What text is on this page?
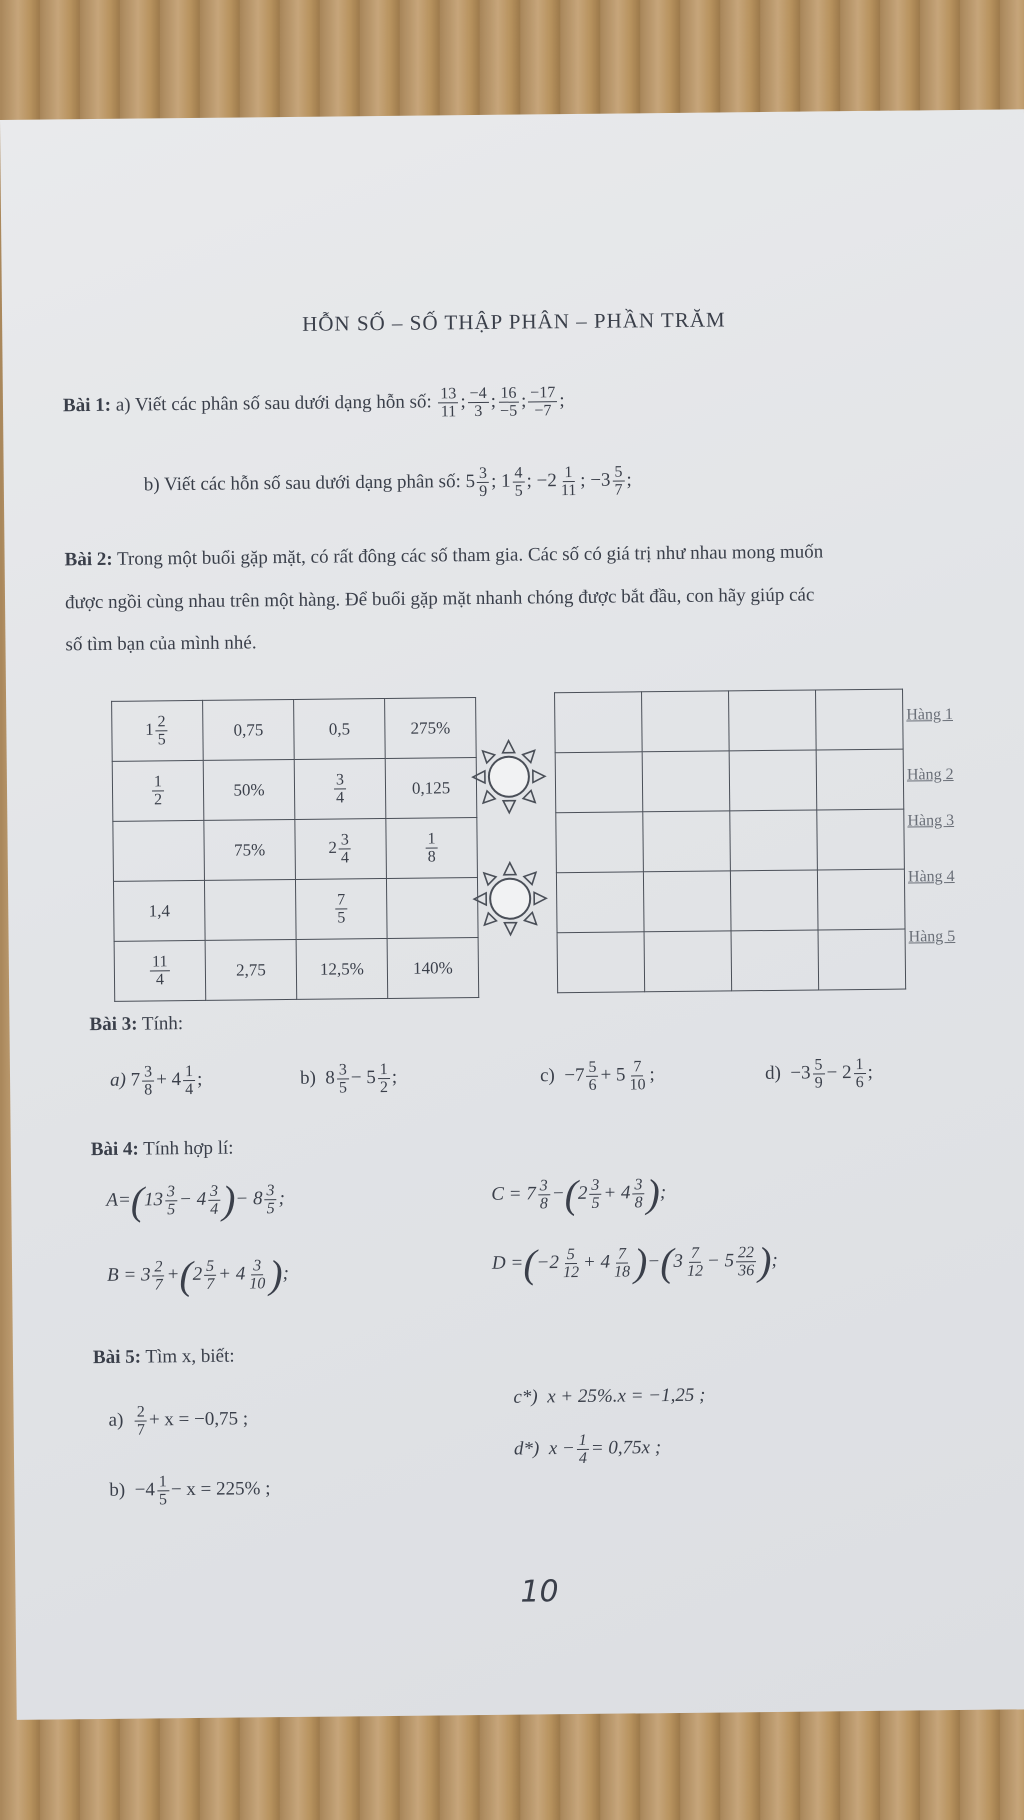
HỖN SỐ – SỐ THẬP PHÂN – PHẦN TRĂM
Bài 1: a) Viết các phân số sau dưới dạng hỗn số: $\frac{13}{11}$ ; $\frac{-4}{3}$ ; $\frac{16}{-5}$ ; $\frac{-17}{-7}$ ;
b) Viết các hỗn số sau dưới dạng phân số: $5 \frac{3}{9}$ ; $1 \frac{4}{5}$ ; $-2 \frac{1}{11}$ ; $-3 \frac{5}{7}$ ;
Bài 2: Trong một buổi gặp mặt, có rất đông các số tham gia. Các số có giá trị như nhau mong muốn
được ngồi cùng nhau trên một hàng. Để buổi gặp mặt nhanh chóng được bắt đầu, con hãy giúp các
số tìm bạn của mình nhé.
$1 \frac{2}{5}$	0,75	0,5	275%

$\frac{1}{2}$	50%	$\frac{3}{4}$	0,125
	75%	$2 \frac{3}{4}$	$\frac{1}{8}$

1,4		$\frac{7}{5}$

$\frac{11}{4}$	2,75	12,5%	140%

Hàng 1
Hàng 2
Hàng 3
Hàng 4
Hàng 5
Bài 3: Tính:
a) $7 \frac{3}{8} + 4 \frac{1}{4}$ ;	b)  $8 \frac{3}{5} - 5 \frac{1}{2}$ ;	$c) -7 \frac{5}{6} + 5 \frac{7}{10}$ ;	$d) -3 \frac{5}{9} - 2 \frac{1}{6}$ ;
Bài 4: Tính hợp lí:
$A=(13 \frac{3}{5} - 4 \frac{3}{4}$ )− $8 \frac{3}{5}$ ;
$B = 3 \frac{2}{7} +(2 \frac{5}{7} + 4 \frac{3}{10}$ );
$C = 7 \frac{3}{8} -(2 \frac{3}{5} + 4 \frac{3}{8}$ );
$D =(-2 \frac{5}{12} + 4 \frac{7}{18} )-(3 \frac{7}{12} - 5 \frac{22}{36}$ );
Bài 5: Tìm x, biết:
$a) \frac{2}{7} + x = -0,75$ ;
$b) -4 \frac{1}{5} - x = 225\%$ ;
c*)  x + 25%.x = −1,25 ;
d*)  $x - \frac{1}{4} = 0,75x$ ;
10
